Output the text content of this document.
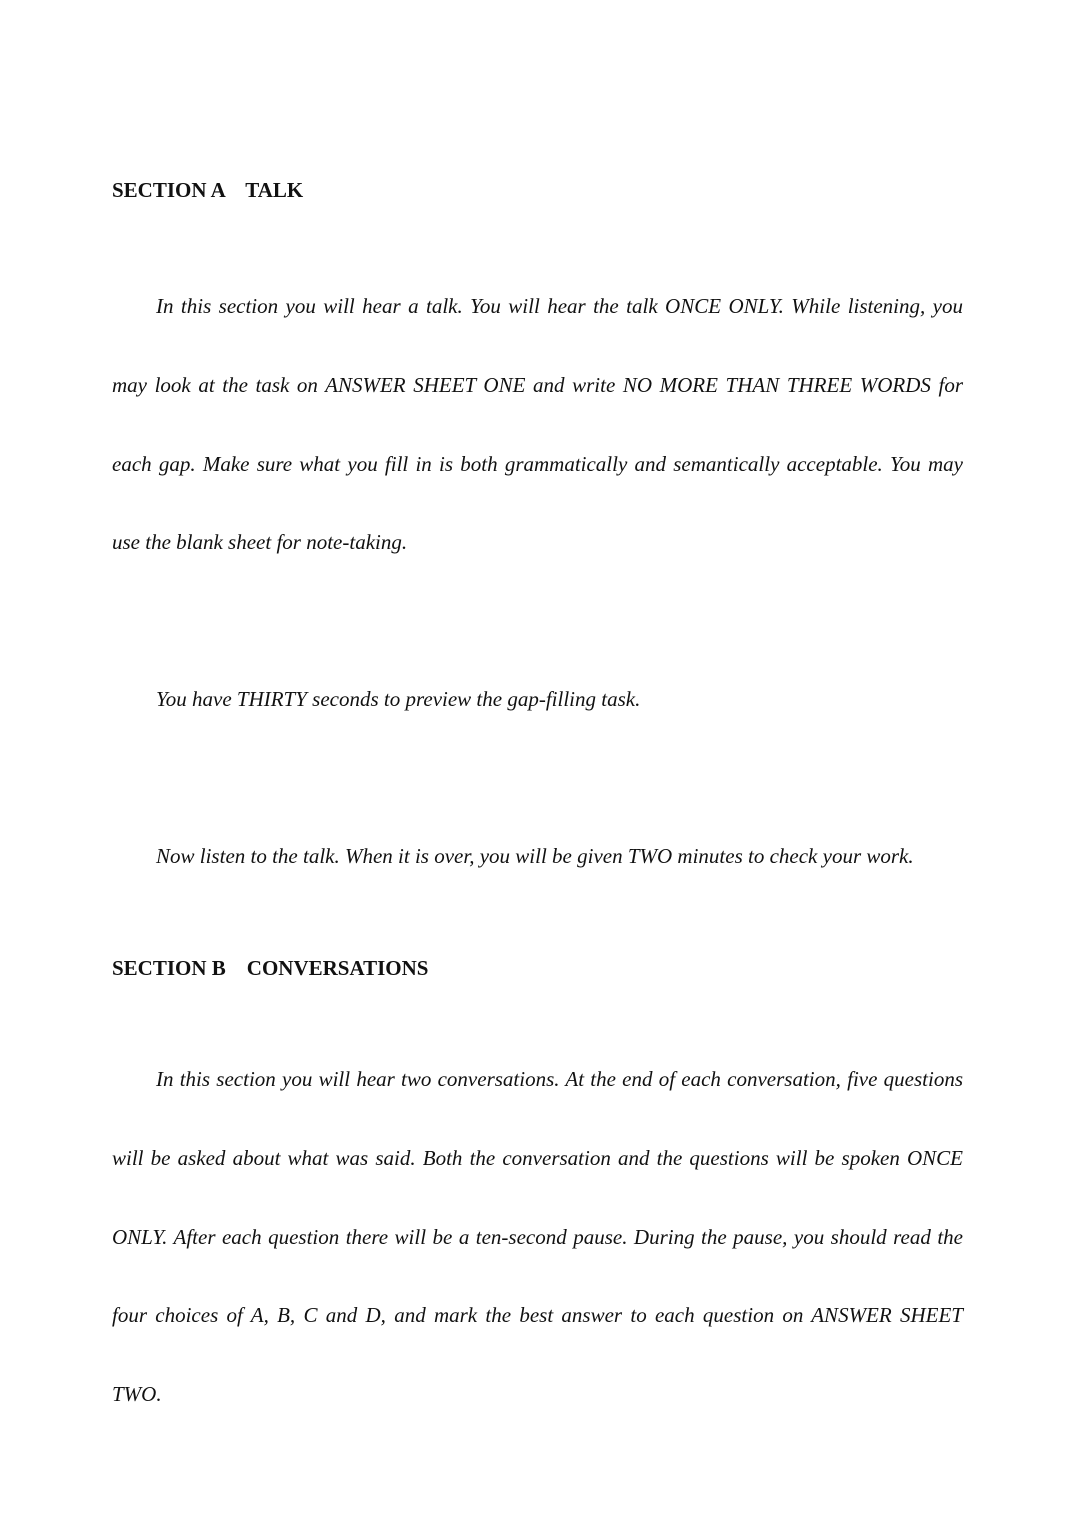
SECTION A    TALK

In this section you will hear a talk. You will hear the talk ONCE ONLY. While listening, you may look at the task on ANSWER SHEET ONE and write NO MORE THAN THREE WORDS for each gap. Make sure what you fill in is both grammatically and semantically acceptable. You may use the blank sheet for note-taking.

You have THIRTY seconds to preview the gap-filling task.
Now listen to the talk. When it is over, you will be given TWO minutes to check your work.
SECTION B    CONVERSATIONS

In this section you will hear two conversations. At the end of each conversation, five questions will be asked about what was said. Both the conversation and the questions will be spoken ONCE ONLY. After each question there will be a ten-second pause. During the pause, you should read the four choices of A, B, C and D, and mark the best answer to each question on ANSWER SHEET TWO.
